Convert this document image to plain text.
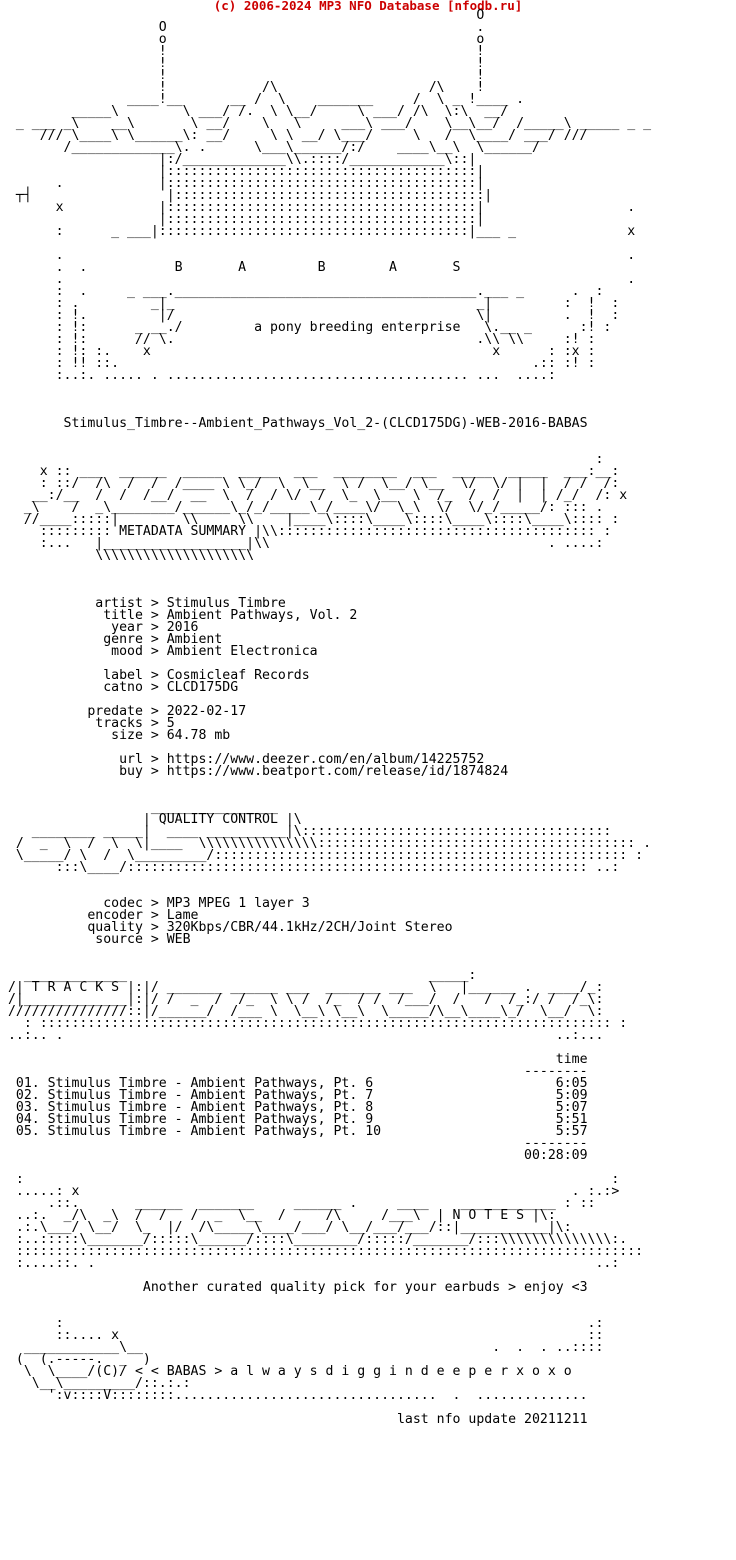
(c) 2006-2024 MP3 NFO Database [nfodb.ru]
O
O                                       .
o                                       o
!                                       !
!                                       !
!                                       !
!            /\                   /\    !
____!__      __ /  \    _______     /  \ _ !____ .
_____\        \ ___/ /.  \ \__/     \ ___/ /\  \:\  __/
_ ___ _\    __\       \ __/    \   \     ___\ ___/    \__\__/  /_____\ _____ _ _
/// \____\ \______\: __/     \ \ __/ \___/     \   /  \____/ ___/ ///
/_____________\. .      \___\______/:/    ____\__\  \______/
|:/_____________\\.::::/____________\::|
|:::::::::::::::::::::::::::::::::::::::|
.            |:::::::::::::::::::::::::::::::::::::::|
┬┤                 |:::::::::::::::::::::::::::::::::::::::|
x            |:::::::::::::::::::::::::::::::::::::::|                  .
|:::::::::::::::::::::::::::::::::::::::|
:      _ ___|:::::::::::::::::::::::::::::::::::::::|___ _              x

.                                                                       .
.  .           B       A         B        A       S
.                                                                       .
:  .     _ ___.______________________________________.___ _      .  :
: .         _|_                                      _|         :  !  :
: !.         |/                                      \|         .  !  :
: !:      _ __./         a pony breeding enterprise   \.__ _      :! :
: !:      // \.                                      .\\ \\     :! :
: !: :.    x                                           x      : :x :
: !! ::.                                                    .:: :! :
:..:. ..... . ...................................... ...  ....:

Stimulus_Timbre--Ambient_Pathways_Vol_2-(CLCD175DG)-WEB-2016-BABAS

:
x :: ___  ______  _____  _____  ___  ________  ___  _____  _____  ___:__:
: ::/  /\  /  /  /____ \ \_/  \  \__  \ /  \__/ \__  \/  \/ |  |  / /  /:
__:/__  /  /  /__/  __  \  /  / \/  /  \_  \__  \  /_  /  /  |  | /_/  /: x
_\    /  _\________/______\_/_/_____\_/____\/  \_\  \/  \/_/_____/: ::: .
//____:::::|        \\     \\    |____\::::\____\::::\____\::::\____\:::: :
::::::::: METADATA SUMMARY |\\:::::::::::::::::::::::::::::::::::::::: :
:...   |__________________|\\                                   . ....:
\\\\\\\\\\\\\\\\\\\\

artist > Stimulus Timbre
title > Ambient Pathways, Vol. 2
year > 2016
genre > Ambient
mood > Ambient Electronica

label > Cosmicleaf Records
catno > CLCD175DG

predate > 2022-02-17
tracks > 5
size > 64.78 mb

url > https://www.deezer.com/en/album/14225752
buy > https://www.beatport.com/release/id/1874824

________________
| QUALITY CONTROL |\
________ _____|  ____ __________|\:::::::::::::::::::::::::::::::::::::::
/  _  \  /  \  \|____  \\\\\\\\\\\\\\\:::::::::::::::::::::::::::::::::::::::: .
\_____/ \  /  \_________/:::::::::::::::::::::::::::::::::::::::::::::::::::: :
:::\____/:::::::::::::::::::::::::::::::::::::::::::::::::::::::::: ..:

codec > MP3 MPEG 1 layer 3
encoder > Lame
quality > 320Kbps/CBR/44.1kHz/2CH/Joint Stereo
source > WEB

_____________                                      _____:
/| T R A C K S |:|/ _______ ______ ___  _______ ___  \   |______ .  ____/_:
/|_____________|:|/ /  _  /  /_  \ \ /  /_  / /  /___/  /   /  /_:/ /  /_\:
///////////////::|/______/  /___ \  \__\ \__\  \_____/\__\____\_/  \__/  \:
: :::::::::::::::::::::::::::::::::::::::::::::::::::::::::::::::::::::::: :
..:.. .                                                              ..:...

time
--------
01. Stimulus Timbre - Ambient Pathways, Pt. 6                       6:05
02. Stimulus Timbre - Ambient Pathways, Pt. 7                       5:09
03. Stimulus Timbre - Ambient Pathways, Pt. 8                       5:07
04. Stimulus Timbre - Ambient Pathways, Pt. 9                       5:51
05. Stimulus Timbre - Ambient Pathways, Pt. 10                      5:57
--------
00:28:09

:                                                                          :
.....: x                                                              . :.:>
.::.       ______  _______     ______ .     ____    ____________ : ::
..:.  _/\  _\  /  /   /  _  \__  /     /\     /___\  | N O T E S |\:
.:.\___/ \__/  \_  |/  /\_____\____/___/ \__/___/___/::|___________|\:
:..:::::\_______/:::::\______/::::\________/:::::/_______/:::\\\\\\\\\\\\\\:.
:::::::::::::::::::::::::::::::::::::::::::::::::::::::::::::::::::::::::::::::
:....::. .                                                               ..:

Another curated quality pick for your earbuds > enjoy <3

:                                                                  .:
::.... x                                                           ::
____________\__                                            .  .  . ..::::
(  (.-----.  _  )
\  \____/(C)/ < < BABAS > a l w a y s d i g g i n d e e p e r x o x o
\__\_________/::.:.:
':v::::V::::::::.................................  .  ..............

last nfo update 20211211
